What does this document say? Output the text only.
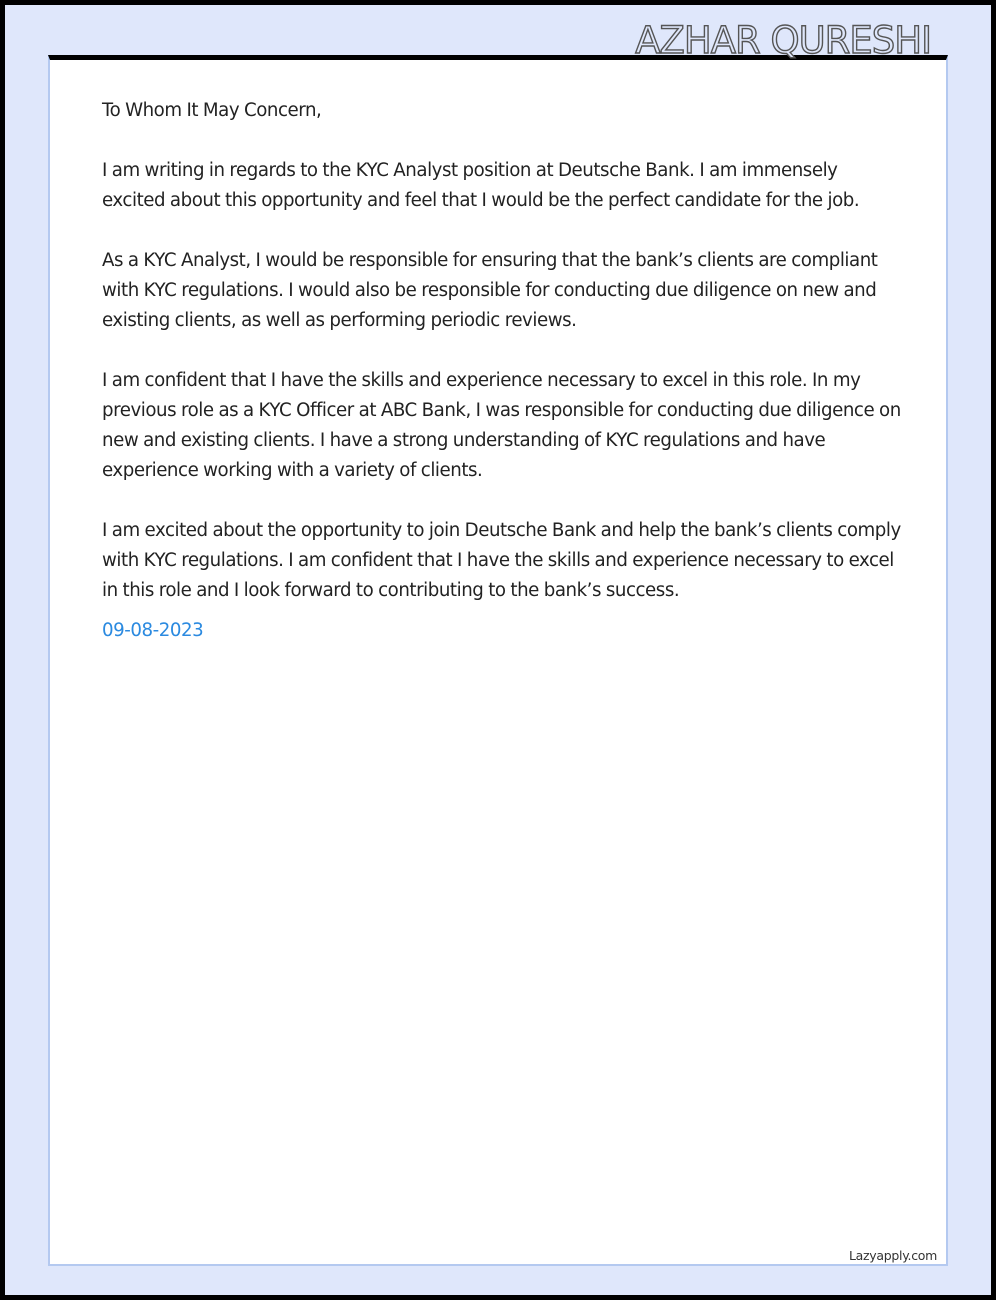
AZHAR QURESHI

To Whom It May Concern,

I am writing in regards to the KYC Analyst position at Deutsche Bank. I am immensely excited about this opportunity and feel that I would be the perfect candidate for the job.

As a KYC Analyst, I would be responsible for ensuring that the bank’s clients are compliant with KYC regulations. I would also be responsible for conducting due diligence on new and existing clients, as well as performing periodic reviews.

I am confident that I have the skills and experience necessary to excel in this role. In my previous role as a KYC Officer at ABC Bank, I was responsible for conducting due diligence on new and existing clients. I have a strong understanding of KYC regulations and have experience working with a variety of clients.

I am excited about the opportunity to join Deutsche Bank and help the bank’s clients comply with KYC regulations. I am confident that I have the skills and experience necessary to excel in this role and I look forward to contributing to the bank’s success.

09-08-2023

Lazyapply.com
